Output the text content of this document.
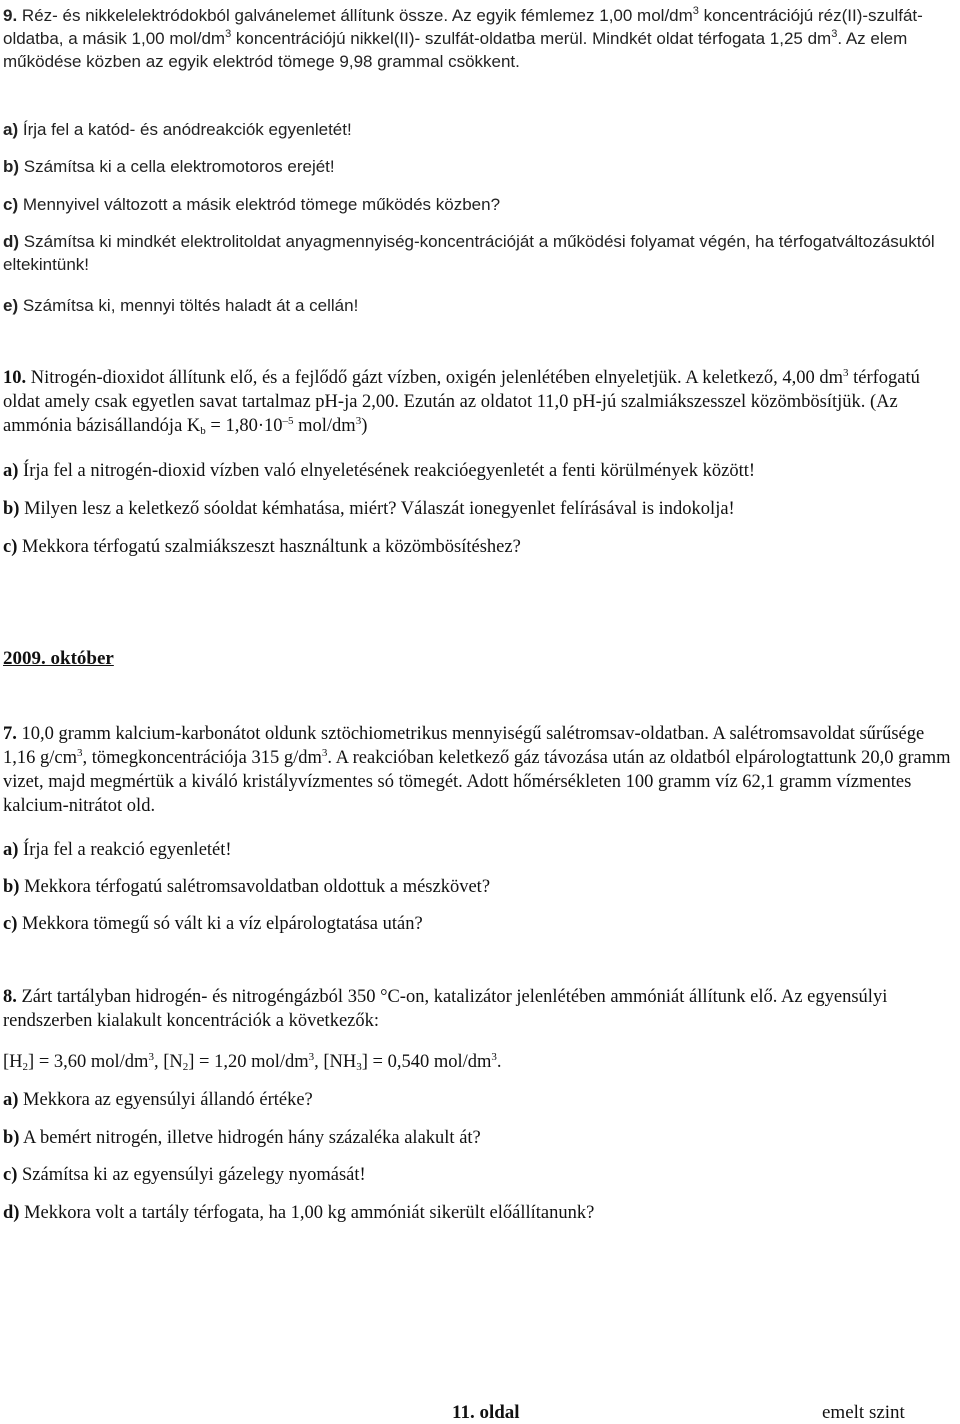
9. Réz- és nikkelelektródokból galvánelemet állítunk össze. Az egyik fémlemez 1,00 mol/$dm^3$ koncentrációjú réz(II)-szulfát-oldatba, a másik 1,00 mol/$dm^3$ koncentrációjú nikkel(II)- szulfát-oldatba merül. Mindkét oldat térfogata 1,25 $dm^3$. Az elem működése közben az egyik elektród tömege 9,98 grammal csökkent.

a) Írja fel a katód- és anódreakciók egyenletét!

b) Számítsa ki a cella elektromotoros erejét!

c) Mennyivel változott a másik elektród tömege működés közben?

d) Számítsa ki mindkét elektrolitoldat anyagmennyiség-koncentrációját a működési folyamat végén, ha térfogatváltozásuktól eltekintünk!

e) Számítsa ki, mennyi töltés haladt át a cellán!

10. Nitrogén-dioxidot állítunk elő, és a fejlődő gázt vízben, oxigén jelenlétében elnyeletjük. A keletkező, 4,00 $dm^3$ térfogatú oldat amely csak egyetlen savat tartalmaz pH-ja 2,00. Ezután az oldatot 11,0 pH-jú szalmiákszesszel közömbösítjük. (Az ammónia bázisállandója $K_b = 1,80\cdot 10^{-5}$ mol/$dm^3$)

a) Írja fel a nitrogén-dioxid vízben való elnyeletésének reakcióegyenletét a fenti körülmények között!

b) Milyen lesz a keletkező sóoldat kémhatása, miért? Válaszát ionegyenlet felírásával is indokolja!

c) Mekkora térfogatú szalmiákszeszt használtunk a közömbösítéshez?

2009. október

7. 10,0 gramm kalcium-karbonátot oldunk sztöchiometrikus mennyiségű salétromsav-oldatban. A salétromsavoldat sűrűsége 1,16 $g/cm^3$, tömegkoncentrációja 315 $g/dm^3$. A reakcióban keletkező gáz távozása után az oldatból elpárologtattunk 20,0 gramm vizet, majd megmértük a kiváló kristályvízmentes só tömegét. Adott hőmérsékleten 100 gramm víz 62,1 gramm vízmentes kalcium-nitrátot old.

a) Írja fel a reakció egyenletét!

b) Mekkora térfogatú salétromsavoldatban oldottuk a mészkövet?

c) Mekkora tömegű só vált ki a víz elpárologtatása után?

8. Zárt tartályban hidrogén- és nitrogéngázból 350 °C-on, katalizátor jelenlétében ammóniát állítunk elő. Az egyensúlyi rendszerben kialakult koncentrációk a következők:

$[H_2] = 3,60$ mol/$dm^3$, $[N_2] = 1,20$ mol/$dm^3$, $[NH_3] = 0,540$ mol/$dm^3$.

a) Mekkora az egyensúlyi állandó értéke?

b) A bemért nitrogén, illetve hidrogén hány százaléka alakult át?

c) Számítsa ki az egyensúlyi gázelegy nyomását!

d) Mekkora volt a tartály térfogata, ha 1,00 kg ammóniát sikerült előállítanunk?

11. oldal	emelt szint
